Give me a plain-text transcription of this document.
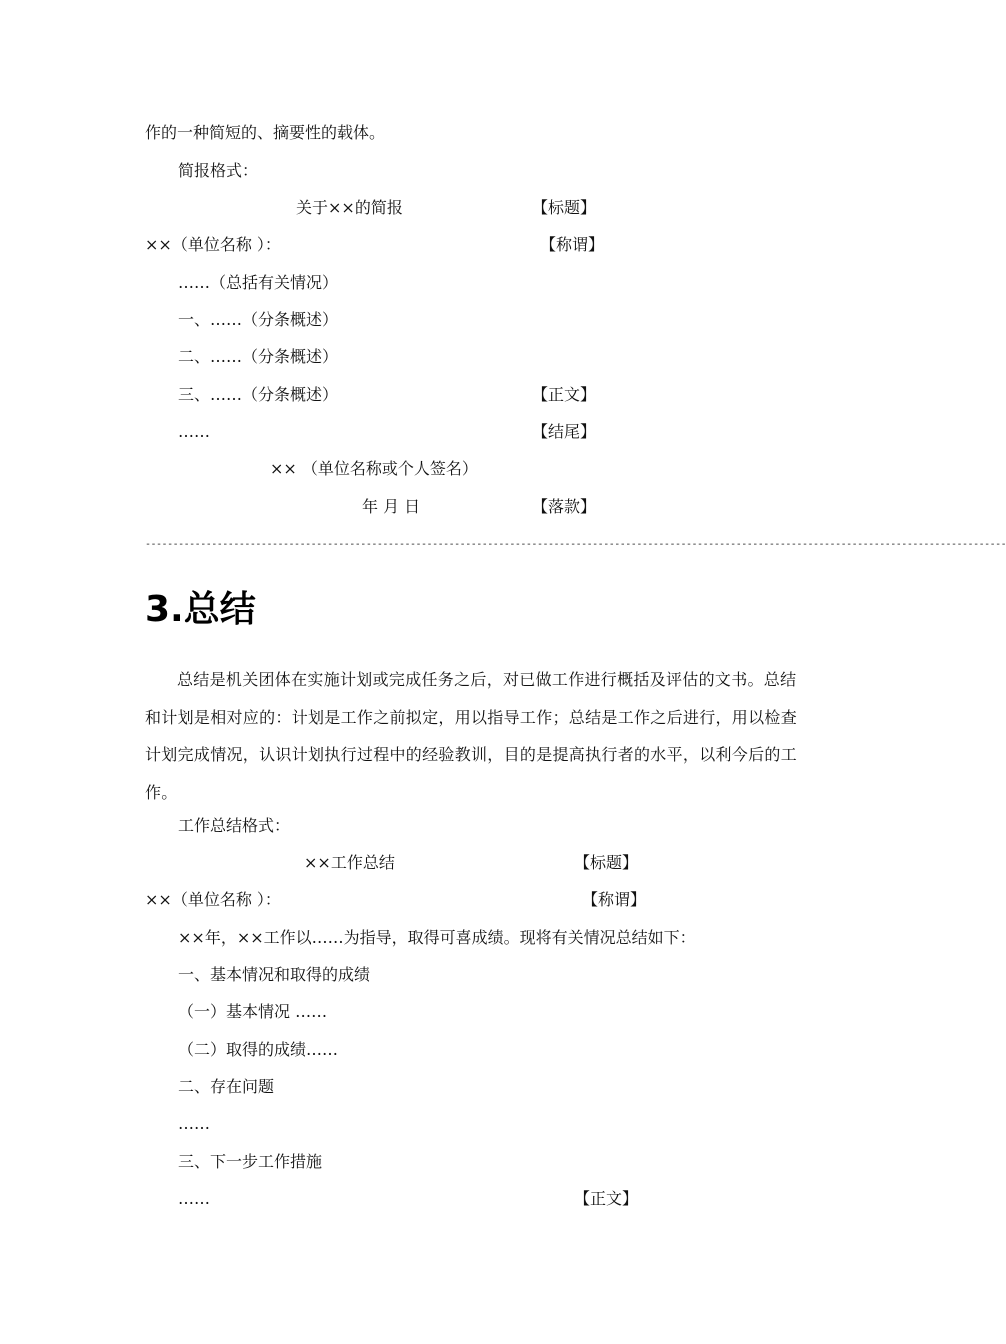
作的一种简短的、摘要性的载体。
简报格式：
关于××的简报	【标题】
××（单位名称 ）：	【称谓】
……（总括有关情况）
一、……（分条概述）
二、……（分条概述）
三、……（分条概述）	【正文】
……	【结尾】
×× （单位名称或个人签名）
年 月 日	【落款】
------------------------------------------------------------------------------------------------------------------------------------------------------------
3.总结
总结是机关团体在实施计划或完成任务之后，对已做工作进行概括及评估的文书。总结和计划是相对应的：计划是工作之前拟定，用以指导工作；总结是工作之后进行，用以检查计划完成情况，认识计划执行过程中的经验教训，目的是提高执行者的水平，以利今后的工作。
工作总结格式：
××工作总结	【标题】
××（单位名称 ）：	【称谓】
××年，××工作以……为指导，取得可喜成绩。现将有关情况总结如下：
一、基本情况和取得的成绩
（一）基本情况 ……
（二）取得的成绩……
二、存在问题
……
三、下一步工作措施
……	【正文】
